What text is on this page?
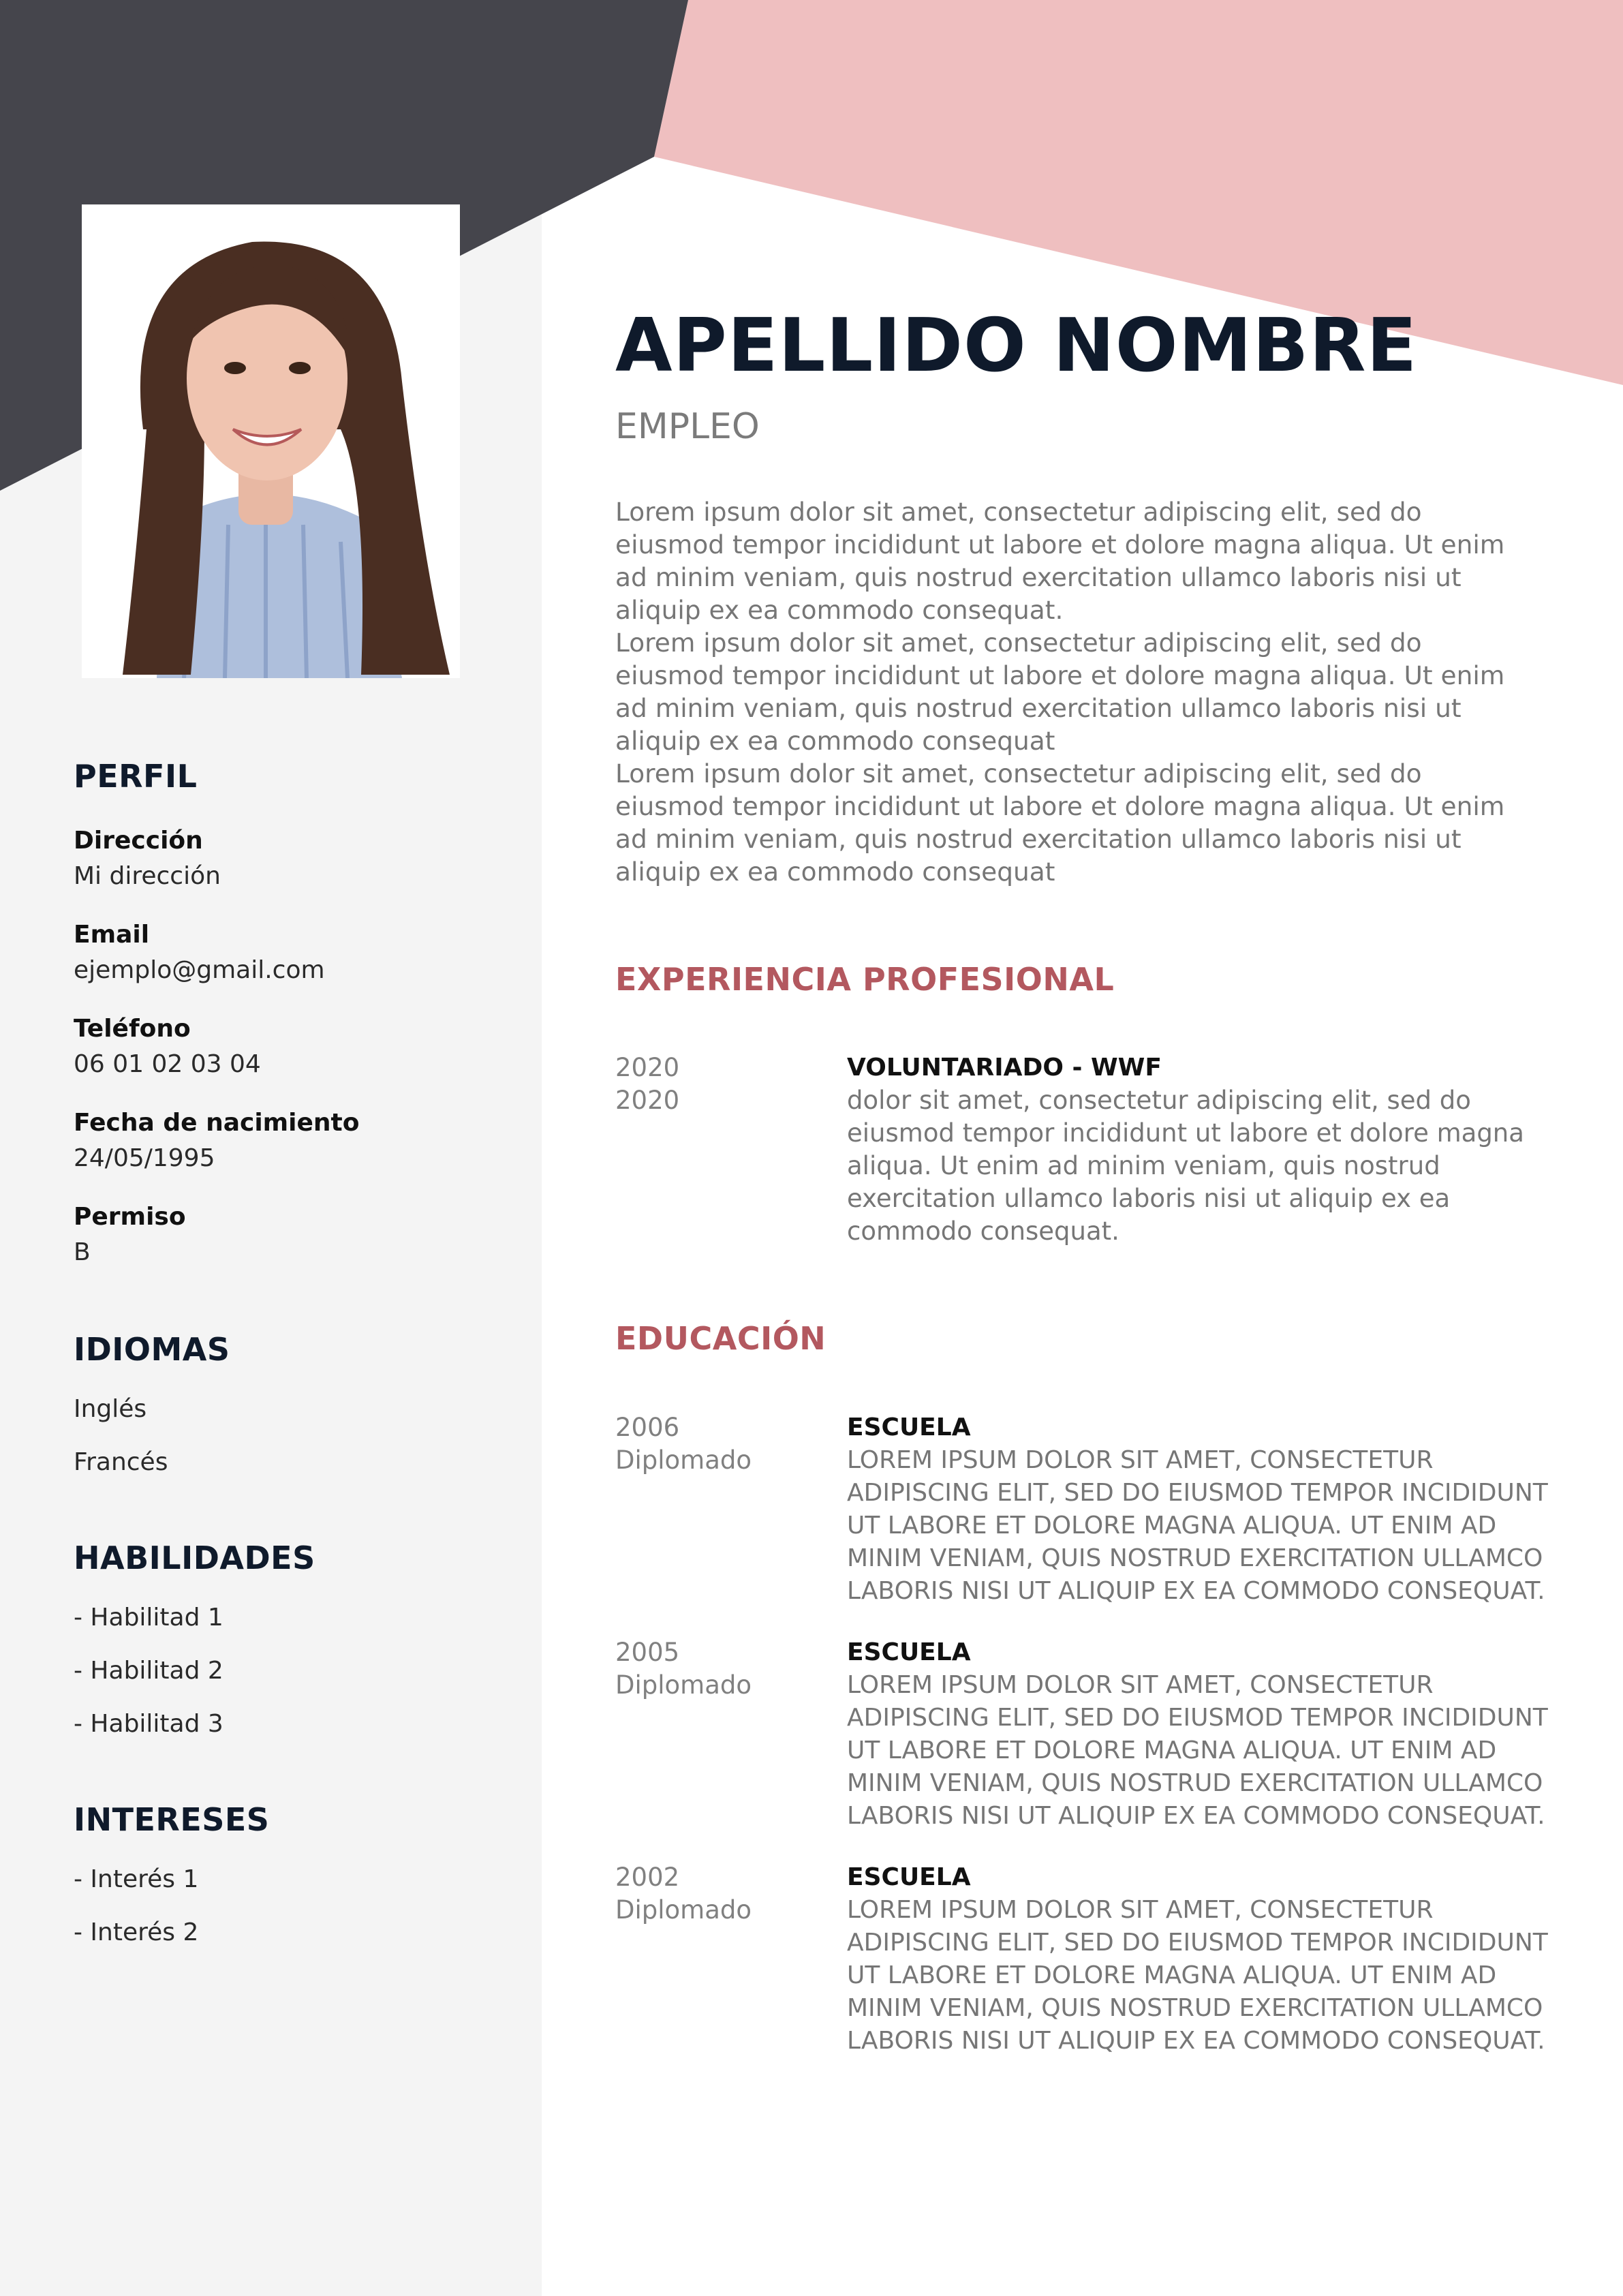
PERFIL
Dirección
Mi dirección
Email
ejemplo@gmail.com
Teléfono
06 01 02 03 04
Fecha de nacimiento
24/05/1995
Permiso
B
IDIOMAS
Inglés
Francés
HABILIDADES
- Habilitad 1
- Habilitad 2
- Habilitad 3
INTERESES
- Interés 1
- Interés 2
APELLIDO NOMBRE
EMPLEO

Lorem ipsum dolor sit amet, consectetur adipiscing elit, sed do eiusmod tempor incididunt ut labore et dolore magna aliqua. Ut enim ad minim veniam, quis nostrud exercitation ullamco laboris nisi ut aliquip ex ea commodo consequat.

Lorem ipsum dolor sit amet, consectetur adipiscing elit, sed do eiusmod tempor incididunt ut labore et dolore magna aliqua. Ut enim ad minim veniam, quis nostrud exercitation ullamco laboris nisi ut aliquip ex ea commodo consequat

Lorem ipsum dolor sit amet, consectetur adipiscing elit, sed do eiusmod tempor incididunt ut labore et dolore magna aliqua. Ut enim ad minim veniam, quis nostrud exercitation ullamco laboris nisi ut aliquip ex ea commodo consequat

EXPERIENCIA PROFESIONAL
2020
2020
VOLUNTARIADO - WWF
dolor sit amet, consectetur adipiscing elit, sed do eiusmod tempor incididunt ut labore et dolore magna aliqua. Ut enim ad minim veniam, quis nostrud exercitation ullamco laboris nisi ut aliquip ex ea commodo consequat.
EDUCACIÓN
2006
Diplomado
ESCUELA
LOREM IPSUM DOLOR SIT AMET, CONSECTETUR ADIPISCING ELIT, SED DO EIUSMOD TEMPOR INCIDIDUNT UT LABORE ET DOLORE MAGNA ALIQUA. UT ENIM AD MINIM VENIAM, QUIS NOSTRUD EXERCITATION ULLAMCO LABORIS NISI UT ALIQUIP EX EA COMMODO CONSEQUAT.
2005
Diplomado
ESCUELA
LOREM IPSUM DOLOR SIT AMET, CONSECTETUR ADIPISCING ELIT, SED DO EIUSMOD TEMPOR INCIDIDUNT UT LABORE ET DOLORE MAGNA ALIQUA. UT ENIM AD MINIM VENIAM, QUIS NOSTRUD EXERCITATION ULLAMCO LABORIS NISI UT ALIQUIP EX EA COMMODO CONSEQUAT.
2002
Diplomado
ESCUELA
LOREM IPSUM DOLOR SIT AMET, CONSECTETUR ADIPISCING ELIT, SED DO EIUSMOD TEMPOR INCIDIDUNT UT LABORE ET DOLORE MAGNA ALIQUA. UT ENIM AD MINIM VENIAM, QUIS NOSTRUD EXERCITATION ULLAMCO LABORIS NISI UT ALIQUIP EX EA COMMODO CONSEQUAT.
